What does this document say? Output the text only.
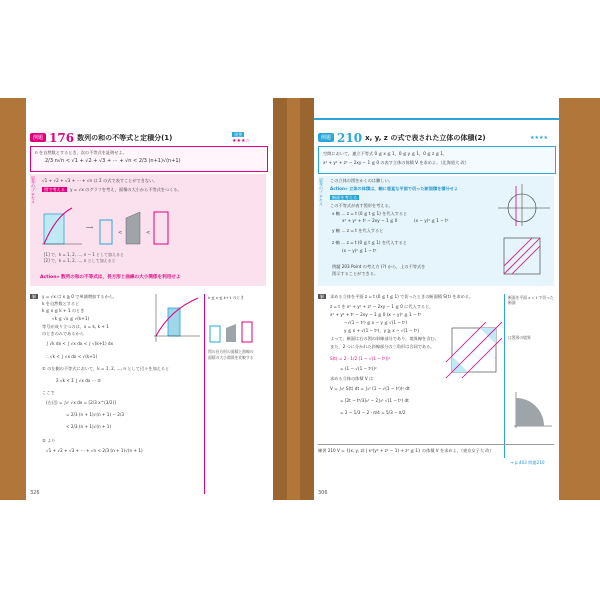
例題 176 数列の和の不等式と定積分(1)	重要
★★★☆
n を自然数とするとき，次の不等式を証明せよ。
2/3 n√n < √1 + √2 + √3 + ⋯ + √n < 2/3 (n+1)√(n+1)
思考のプロセス √1 + √2 + √3 + ⋯ + √n は Σ の式で表すことができない。
図で考える	y = √x のグラフを考え，面積の大小から不等式をつくる。
⟹
<	<
[1] で，k = 1, 2, …, n − 1 として加えると
[2] で，k = 1, 2, …, n として加えると
Action» 数列の和の不等式は，長方形と曲線の大小関係を利用せよ
解	y = √x は x ≧ 0 で単調増加するから，
k を自然数とすると
k ≦ x ≦ k + 1 のとき
√k ≦ √x ≦ √(k+1)
等号が成り立つのは，x = k, k + 1
のときのみであるから
∫ √k dx < ∫ √x dx < ∫ √(k+1) dx
∴ √k < ∫ √x dx < √(k+1)
① の左側の不等式において，k = 1, 2, …, n として辺々を加えると
Σ √k < Σ ∫ √x dx ⋯ ②
ここで
(右辺) = ∫₀ⁿ √x dx = [2/3 x^(3/2)]
= 2/3 (n + 1)√(n + 1) − 2/3
< 2/3 (n + 1)√(n + 1)
② より
√1 + √2 + √3 + ⋯ + √n < 2/3 (n + 1)√(n + 1)
k ≦ x ≦ k+1 のとき
図の長方形の面積と曲線の
面積の大小関係を比較する
326
例題 210 x, y, z の式で表された立体の体積(2)	★★★★
空間において，連立不等式 0 ≦ x ≦ 1，0 ≦ y ≦ 1，0 ≦ z ≦ 1，
x² + y² + z² − 2xy − 1 ≦ 0 の表す立体の体積 V を求めよ。（北海道大 改）
思考のプロセス この立体の図をかくのは難しい。
Action» 立体の体積は，軸に垂直な平面で切った断面積を積分せよ
断面を考える
この不等式が表す図形を考える。
x 軸 … z = t (0 ≦ t ≦ 1) を代入すると
x² + y² + t² − 2xy − 1 ≦ 0	(x − y)² ≦ 1 − t²
y 軸 … z = t を代入すると
z 軸 … z = t (0 ≦ t ≦ 1) を代入すると
(x − y)² ≦ 1 − t²
例題 203 Point の考え方 (?) から，上の不等式を
図示することができる。
解	求める立体を平面 z = t (0 ≦ t ≦ 1) で切ったときの断面積 S(t) を求める。
z = t を x² + y² + z² − 2xy − 1 ≦ 0 に代入すると，
x² + y² + t² − 2xy − 1 ≦ 0 (x − y)² ≦ 1 − t²
−√(1 − t²) ≦ x − y ≦ √(1 − t²)
y ≦ x + √(1 − t²)，y ≧ x − √(1 − t²)
よって，断面は右の図の斜線部分であり，境界線を含む。
また，2 つに分かれた斜線部分の三角形は合同である。
S(t) = 2 · 1/2 (1 − √(1 − t²))²
= (1 − √(1 − t²))²
求める立体の体積 V は
V = ∫₀¹ S(t) dt = ∫₀¹ (1 − √(1 − t²))² dt
= [2t − t³/3]₀¹ − 2∫₀¹ √(1 − t²) dt
= 2 − 1/3 − 2 · π/4 = 5/3 − π/2
断面を平面 z = t で切った断面
は図形の境界
練習 210 V = {(x, y, z) | x²(y² + z² − 1) + z² ≦ 1} の体積 V を求めよ。（東京女子大 改）
→ p.403 問題210
306
